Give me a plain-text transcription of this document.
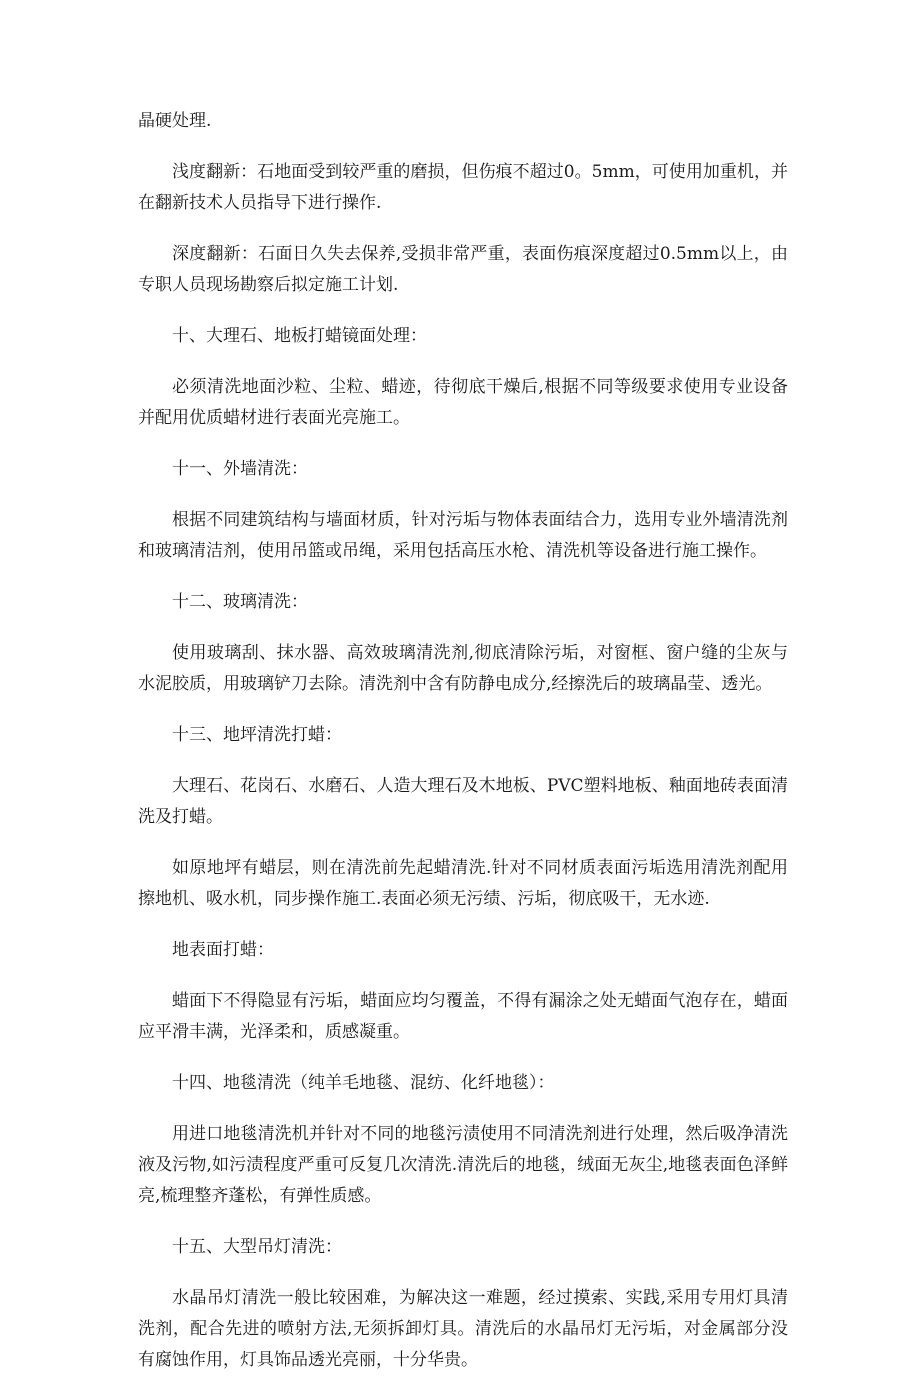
晶硬处理.

浅度翻新：石地面受到较严重的磨损，但伤痕不超过0。5mm，可使用加重机，并在翻新技术人员指导下进行操作.

深度翻新：石面日久失去保养,受损非常严重，表面伤痕深度超过0.5mm以上，由专职人员现场勘察后拟定施工计划.

十、大理石、地板打蜡镜面处理：

必须清洗地面沙粒、尘粒、蜡迹，待彻底干燥后,根据不同等级要求使用专业设备并配用优质蜡材进行表面光亮施工。

十一、外墙清洗：

根据不同建筑结构与墙面材质，针对污垢与物体表面结合力，选用专业外墙清洗剂和玻璃清洁剂，使用吊篮或吊绳，采用包括高压水枪、清洗机等设备进行施工操作。

十二、玻璃清洗：

使用玻璃刮、抹水器、高效玻璃清洗剂,彻底清除污垢，对窗框、窗户缝的尘灰与水泥胶质，用玻璃铲刀去除。清洗剂中含有防静电成分,经擦洗后的玻璃晶莹、透光。

十三、地坪清洗打蜡：

大理石、花岗石、水磨石、人造大理石及木地板、PVC塑料地板、釉面地砖表面清洗及打蜡。

如原地坪有蜡层，则在清洗前先起蜡清洗.针对不同材质表面污垢选用清洗剂配用擦地机、吸水机，同步操作施工.表面必须无污绩、污垢，彻底吸干，无水迹.

地表面打蜡：

蜡面下不得隐显有污垢，蜡面应均匀覆盖，不得有漏涂之处无蜡面气泡存在，蜡面应平滑丰满，光泽柔和，质感凝重。

十四、地毯清洗（纯羊毛地毯、混纺、化纤地毯）：

用进口地毯清洗机并针对不同的地毯污渍使用不同清洗剂进行处理，然后吸净清洗液及污物,如污渍程度严重可反复几次清洗.清洗后的地毯，绒面无灰尘,地毯表面色泽鲜亮,梳理整齐蓬松，有弹性质感。

十五、大型吊灯清洗：

水晶吊灯清洗一般比较困难，为解决这一难题，经过摸索、实践,采用专用灯具清洗剂，配合先进的喷射方法,无须拆卸灯具。清洗后的水晶吊灯无污垢，对金属部分没有腐蚀作用，灯具饰品透光亮丽，十分华贵。
